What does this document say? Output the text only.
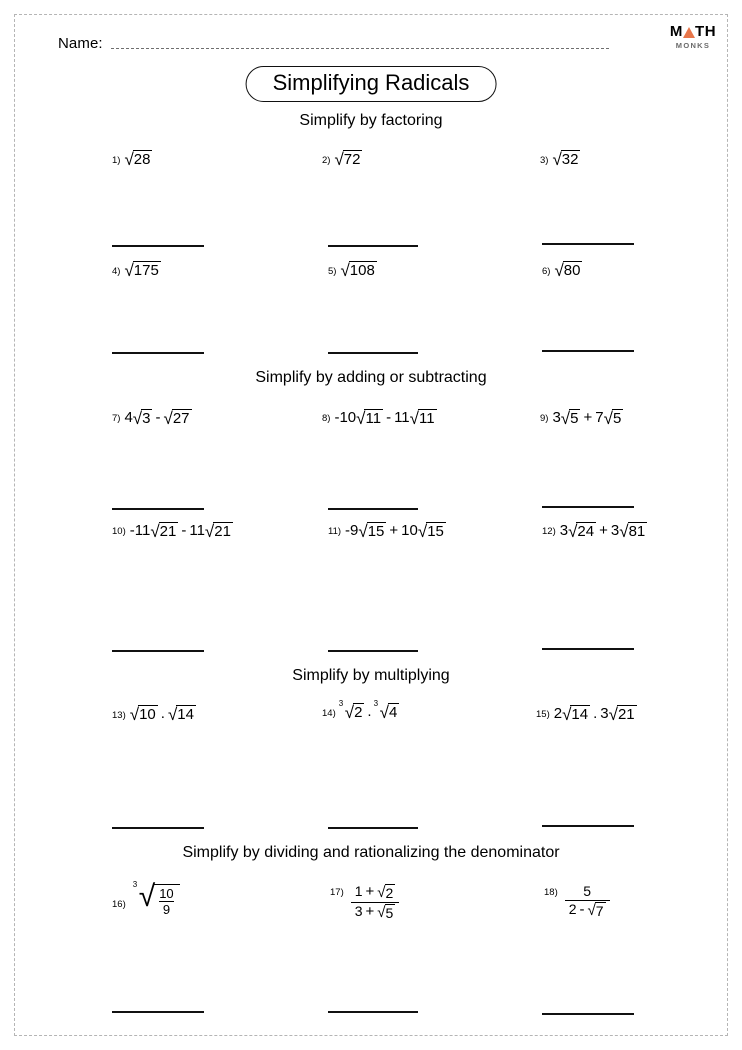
Name:
M TH
MONKS
Simplifying Radicals
Simplify by factoring
1) √ 28	2) √ 72	3) √ 32
4) √ 175	5) √ 108	6) √ 80
Simplify by adding or subtracting
7) 4 √ 3 - √ 27	8) -10 √ 11 - 11 √ 11	9) 3 √ 5 + 7 √ 5
10) -11 √ 21 - 11 √ 21	11) -9 √ 15 + 10 √ 15	12) 3 √ 24 + 3 √ 81
Simplify by multiplying
13) √ 10 . √ 14	14)
3 √ 2 . 3 √ 4	15) 2 √ 14 . 3 √ 21
Simplify by dividing and rationalizing the denominator
16)
3 √ $\frac{10}{9}$	$17) \frac{1 + √ 2}{3 + √ 5}$	$18) \frac{5}{2 - √ 7}$
